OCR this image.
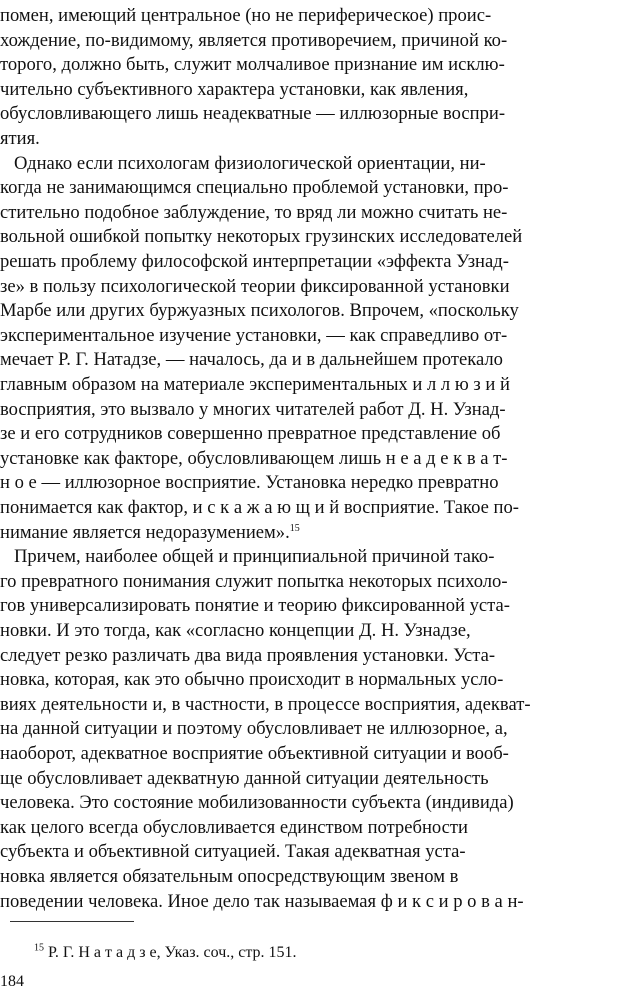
помен, имеющий центральное (но не периферическое) проис-
хождение, по-видимому, является противоречием, причиной ко-
торого, должно быть, служит молчаливое признание им исклю-
чительно субъективного характера установки, как явления,
обусловливающего лишь неадекватные — иллюзорные воспри-
ятия.
Однако если психологам физиологической ориентации, ни-
когда не занимающимся специально проблемой установки, про-
стительно подобное заблуждение, то вряд ли можно считать не-
вольной ошибкой попытку некоторых грузинских исследователей
решать проблему философской интерпретации «эффекта Узнад-
зе» в пользу психологической теории фиксированной установки
Марбе или других буржуазных психологов. Впрочем, «поскольку
экспериментальное изучение установки, — как справедливо от-
мечает Р. Г. Натадзе, — началось, да и в дальнейшем протекало
главным образом на материале экспериментальных и л л ю з и й
восприятия, это вызвало у многих читателей работ Д. Н. Узнад-
зе и его сотрудников совершенно превратное представление об
установке как факторе, обусловливающем лишь н е а д е к в а т-
н о е — иллюзорное восприятие. Установка нередко превратно
понимается как фактор, и с к а ж а ю щ и й восприятие. Такое по-
нимание является недоразумением».$^{15}$
Причем, наиболее общей и принципиальной причиной тако-
го превратного понимания служит попытка некоторых психоло-
гов универсализировать понятие и теорию фиксированной уста-
новки. И это тогда, как «согласно концепции Д. Н. Узнадзе,
следует резко различать два вида проявления установки. Уста-
новка, которая, как это обычно происходит в нормальных усло-
виях деятельности и, в частности, в процессе восприятия, адекват-
на данной ситуации и поэтому обусловливает не иллюзорное, а,
наоборот, адекватное восприятие объективной ситуации и вооб-
ще обусловливает адекватную данной ситуации деятельность
человека. Это состояние мобилизованности субъекта (индивида)
как целого всегда обусловливается единством потребности
субъекта и объективной ситуацией. Такая адекватная уста-
новка является обязательным опосредствующим звеном в
поведении человека. Иное дело так называемая ф и к с и р о в а н-
$^{15}$ Р. Г. Н а т а д з е, Указ. соч., стр. 151.
184
